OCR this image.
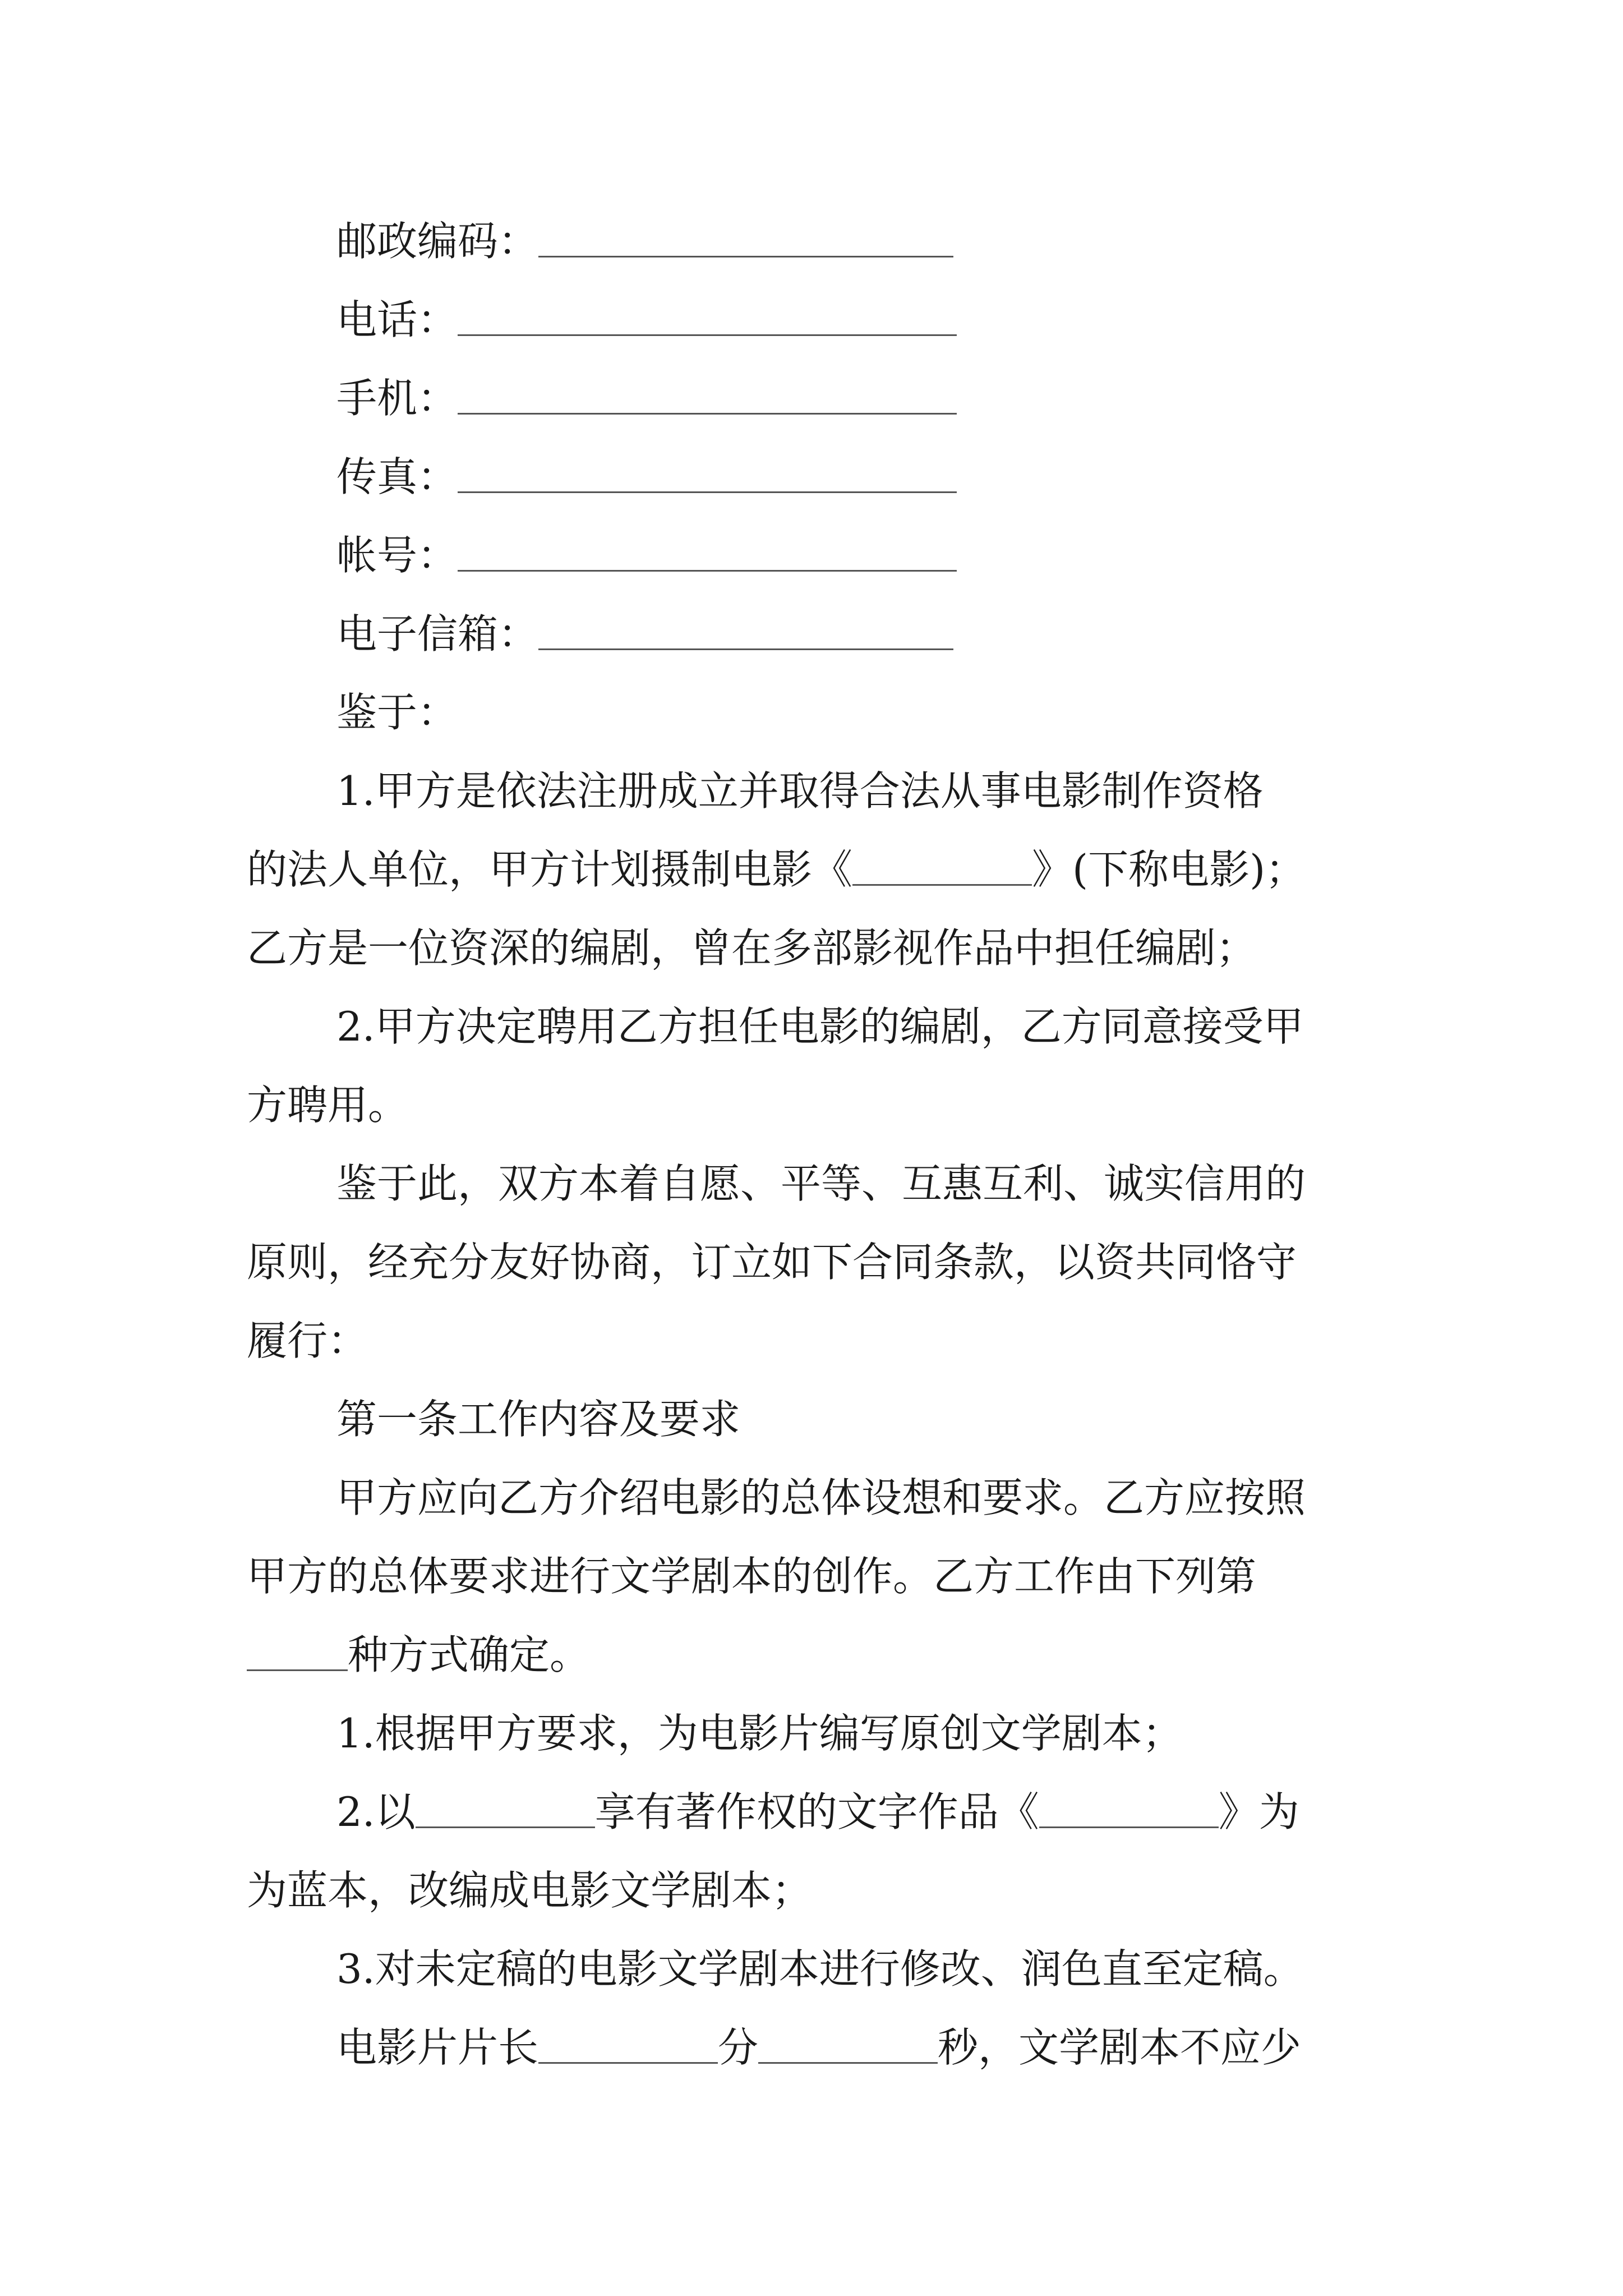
邮政编码：
电话：
手机：
传真：
帐号：
电子信箱：
鉴于：
1.甲方是依法注册成立并取得合法从事电影制作资格
的法人单位，甲方计划摄制电影《	》(下称电影)；
乙方是一位资深的编剧，曾在多部影视作品中担任编剧；
2.甲方决定聘用乙方担任电影的编剧，乙方同意接受甲
方聘用。
鉴于此，双方本着自愿、平等、互惠互利、诚实信用的
原则，经充分友好协商，订立如下合同条款，以资共同恪守
履行：
第一条工作内容及要求
甲方应向乙方介绍电影的总体设想和要求。乙方应按照
甲方的总体要求进行文学剧本的创作。乙方工作由下列第
种方式确定。
1.根据甲方要求，为电影片编写原创文学剧本；
2.以	享有著作权的文字作品《	》为
为蓝本，改编成电影文学剧本；
3.对未定稿的电影文学剧本进行修改、润色直至定稿。
电影片片长	分	秒，文学剧本不应少
